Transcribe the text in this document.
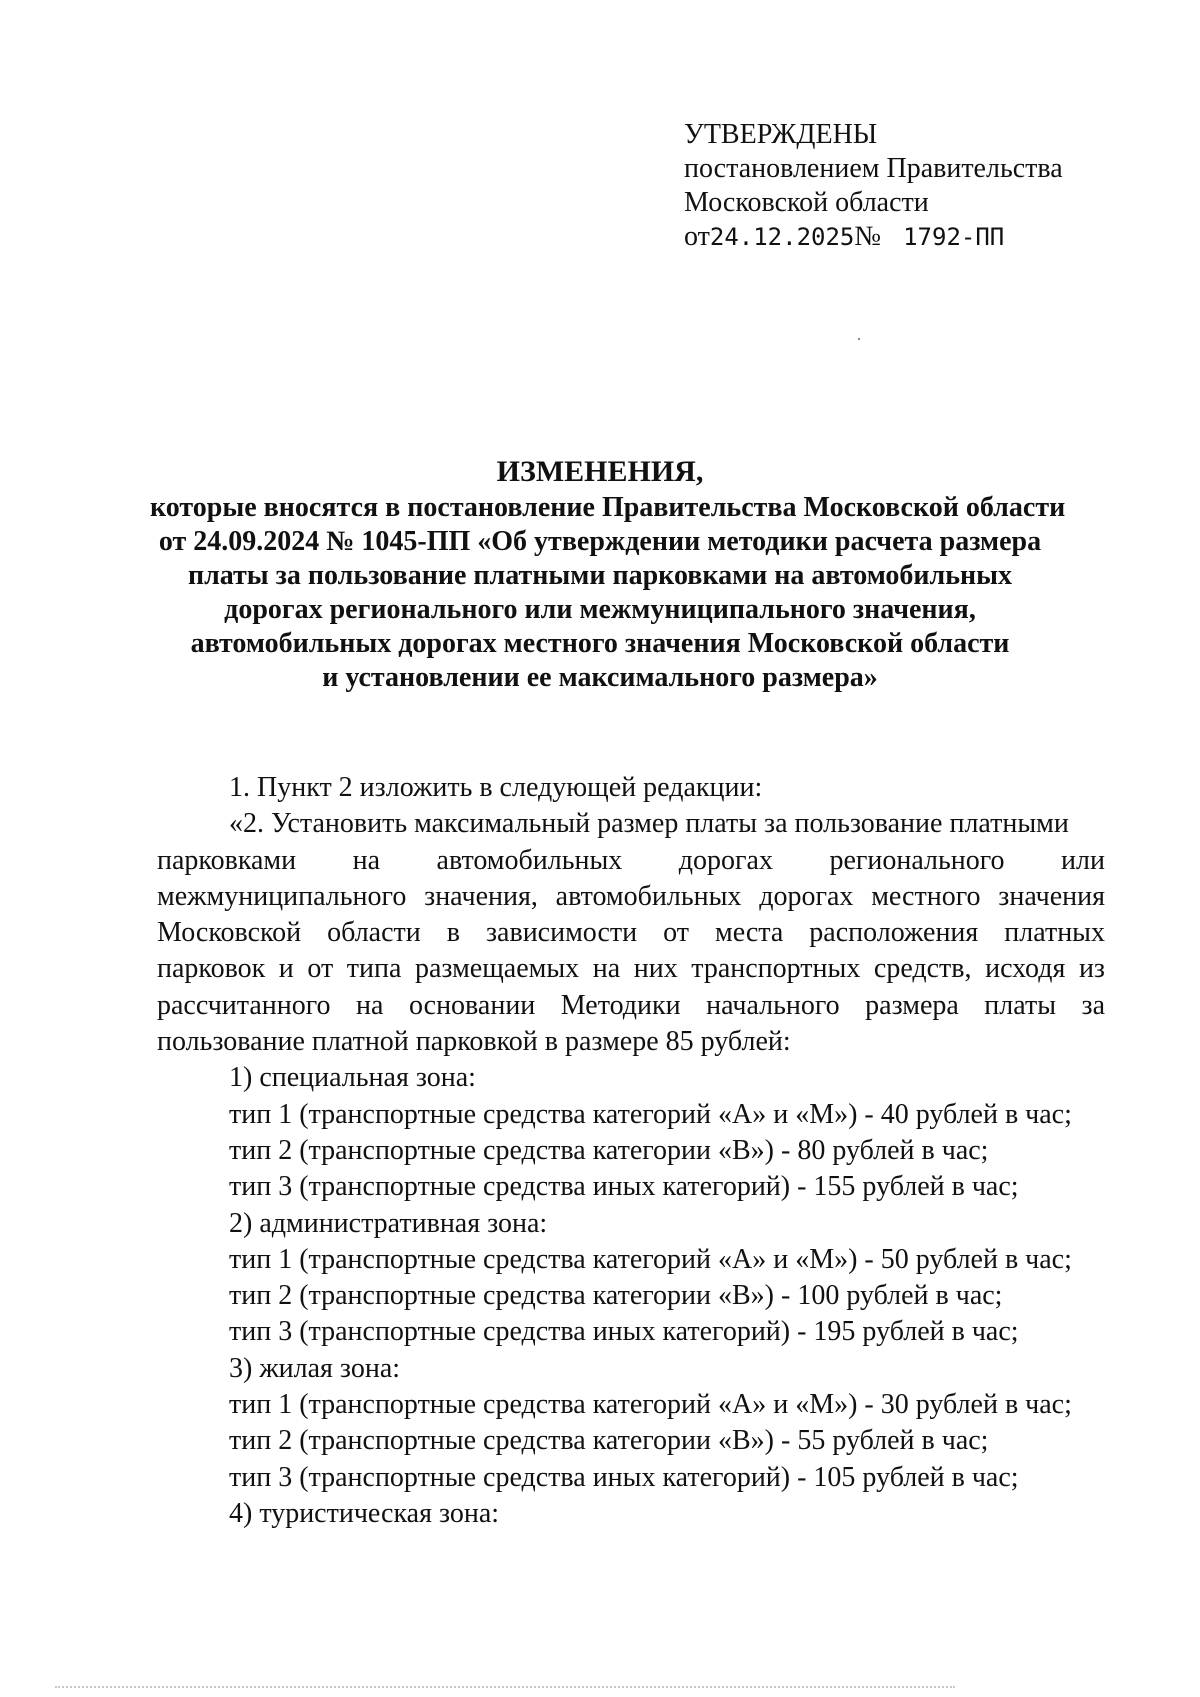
УТВЕРЖДЕНЫ
постановлением Правительства
Московской области
от24.12.2025№ 1792-ПП
ИЗМЕНЕНИЯ,
которые вносятся в постановление Правительства Московской области
от 24.09.2024 № 1045-ПП «Об утверждении методики расчета размера
платы за пользование платными парковками на автомобильных
дорогах регионального или межмуниципального значения,
автомобильных дорогах местного значения Московской области
и установлении ее максимального размера»
1. Пункт 2 изложить в следующей редакции:
«2. Установить максимальный размер платы за пользование платными
парковками на автомобильных дорогах регионального или
межмуниципального значения, автомобильных дорогах местного значения
Московской области в зависимости от места расположения платных
парковок и от типа размещаемых на них транспортных средств, исходя из
рассчитанного на основании Методики начального размера платы за
пользование платной парковкой в размере 85 рублей:
1) специальная зона:
тип 1 (транспортные средства категорий «А» и «М») - 40 рублей в час;
тип 2 (транспортные средства категории «В») - 80 рублей в час;
тип 3 (транспортные средства иных категорий) - 155 рублей в час;
2) административная зона:
тип 1 (транспортные средства категорий «А» и «М») - 50 рублей в час;
тип 2 (транспортные средства категории «В») - 100 рублей в час;
тип 3 (транспортные средства иных категорий) - 195 рублей в час;
3) жилая зона:
тип 1 (транспортные средства категорий «А» и «М») - 30 рублей в час;
тип 2 (транспортные средства категории «В») - 55 рублей в час;
тип 3 (транспортные средства иных категорий) - 105 рублей в час;
4) туристическая зона:
